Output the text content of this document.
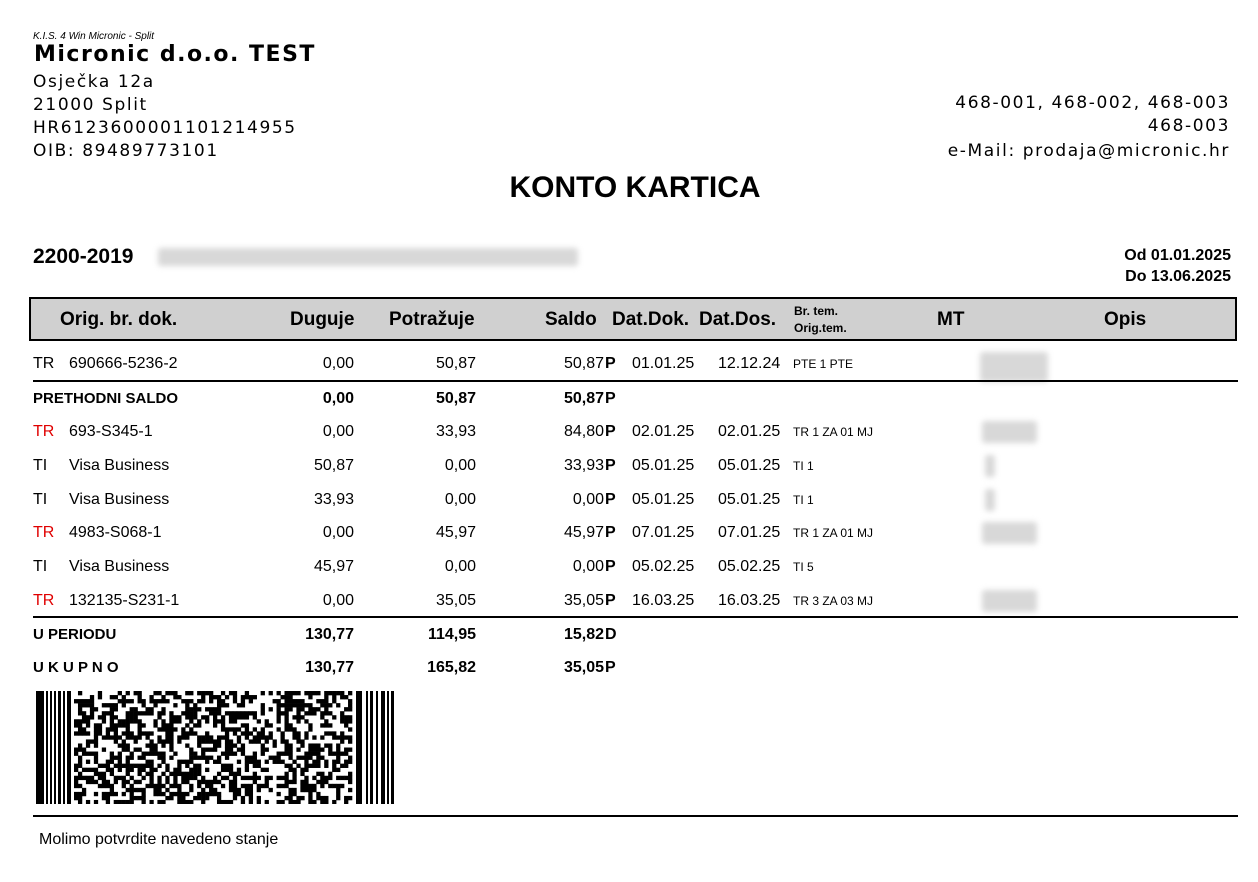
K.I.S. 4 Win Micronic - Split
Micronic d.o.o. TEST
Osječka 12a
21000 Split
HR6123600001101214955
OIB: 89489773101
468-001, 468-002, 468-003
468-003
e-Mail: prodaja@micronic.hr
KONTO KARTICA
2200-2019	Od 01.01.2025
Do 13.06.2025
Orig. br. dok.	Duguje Potražuje	Saldo Dat.Dok. Dat.Dos. Br. tem.
Orig.tem.	MT	Opis
TR 690666-5236-2	0,00	50,87	50,87 P 01.01.25 12.12.24 PTE 1 PTE
PRETHODNI SALDO	0,00	50,87	50,87 P
TR 693-S345-1	0,00	33,93	84,80 P 02.01.25 02.01.25 TR 1 ZA 01 MJ
TI Visa Business	50,87	0,00	33,93 P 05.01.25 05.01.25 TI 1
TI Visa Business	33,93	0,00	0,00 P 05.01.25 05.01.25 TI 1
TR 4983-S068-1	0,00	45,97	45,97 P 07.01.25 07.01.25 TR 1 ZA 01 MJ
TI Visa Business	45,97	0,00	0,00 P 05.02.25 05.02.25 TI 5
TR 132135-S231-1	0,00	35,05	35,05 P 16.03.25 16.03.25 TR 3 ZA 03 MJ
U PERIODU	130,77	114,95	15,82 D
U K U P N O	130,77	165,82	35,05 P
Molimo potvrdite navedeno stanje
